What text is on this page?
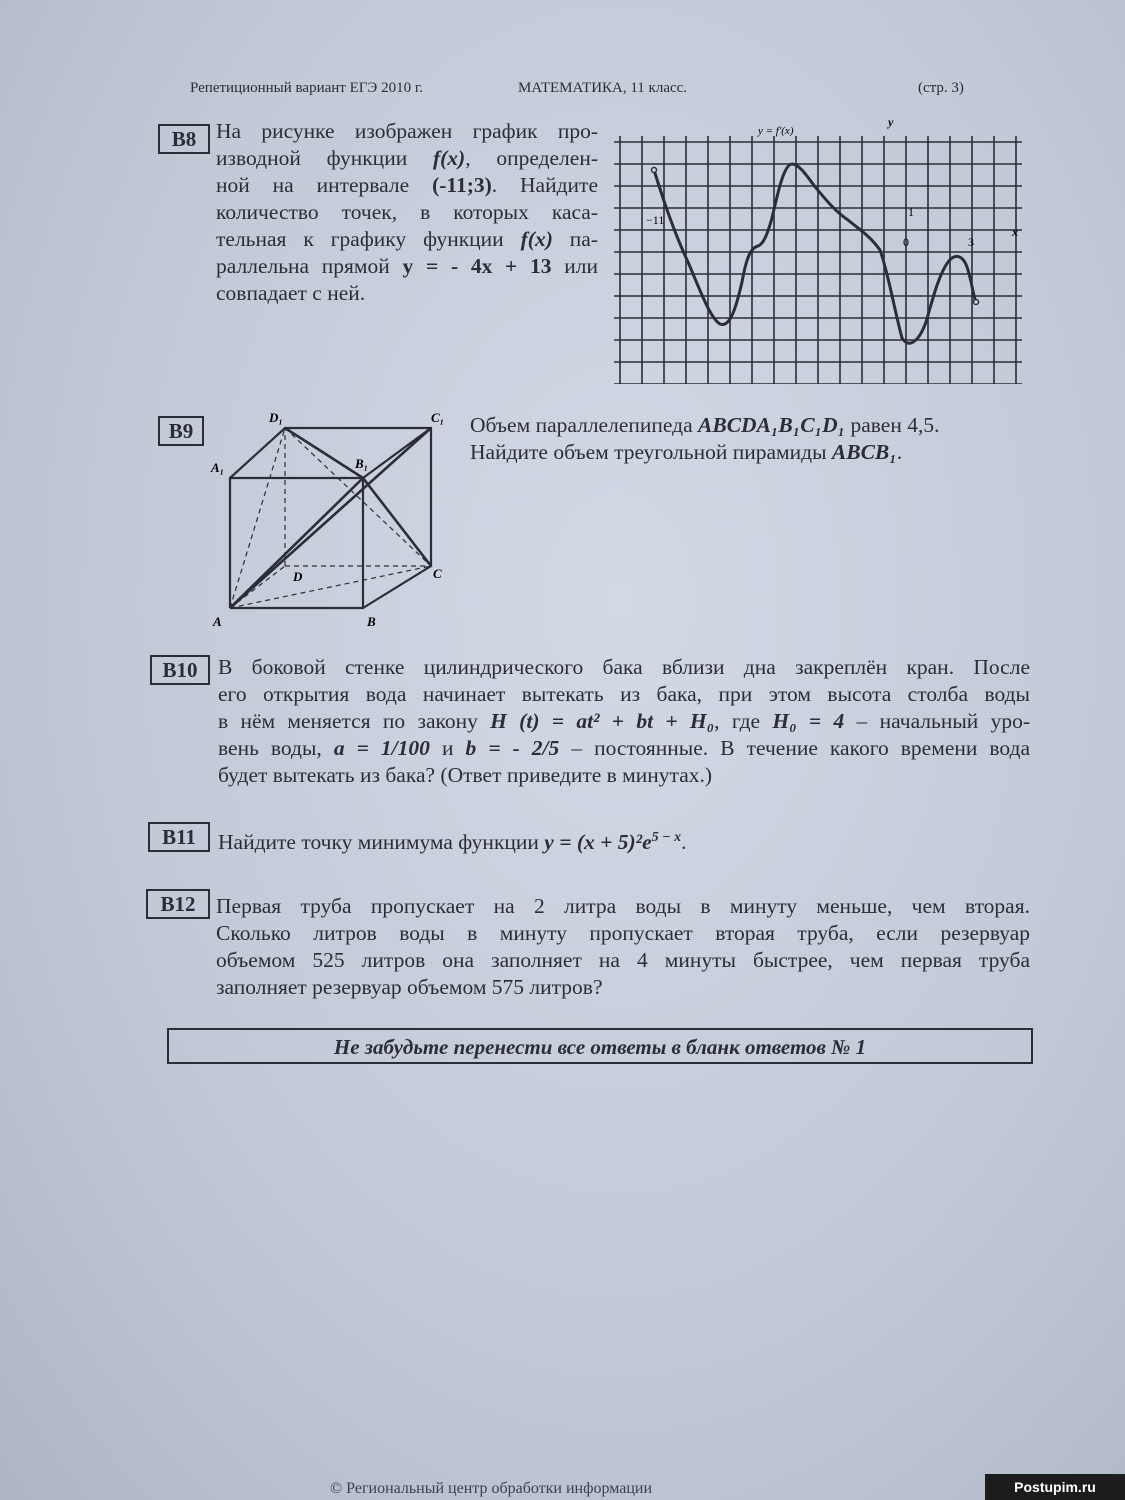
Репетиционный вариант ЕГЭ 2010 г.	МАТЕМАТИКА, 11 класс.	(стр. 3)
B8 На рисунке изображен график про-
изводной функции f(x), определен-
ной на интервале (-11;3). Найдите
количество точек, в которых каса-
тельная к графику функции f(x) па-
раллельна прямой y = - 4x + 13 или
совпадает с ней.
y = f′(x)
y
x
−11
1
0	3
B9
A	B
C
D
A₁	B₁
C₁
D₁	Объем параллелепипеда ABCDA₁B₁C₁D₁ равен 4,5.
Найдите объем треугольной пирамиды ABCB₁.
B10 В боковой стенке цилиндрического бака вблизи дна закреплён кран. После
его открытия вода начинает вытекать из бака, при этом высота столба воды
в нём меняется по закону H (t) = at² + bt + H₀, где H₀ = 4 – начальный уро-
вень воды, a = 1/100 и b = - 2/5 – постоянные. В течение какого времени вода
будет вытекать из бака? (Ответ приведите в минутах.)
B11	Найдите точку минимума функции $y = (x + 5)^2e^{5 - x}$.
B12 Первая труба пропускает на 2 литра воды в минуту меньше, чем вторая.
Сколько литров воды в минуту пропускает вторая труба, если резервуар
объемом 525 литров она заполняет на 4 минуты быстрее, чем первая труба
заполняет резервуар объемом 575 литров?
Не забудьте перенести все ответы в бланк ответов № 1
© Региональный центр обработки информации	Postupim.ru
